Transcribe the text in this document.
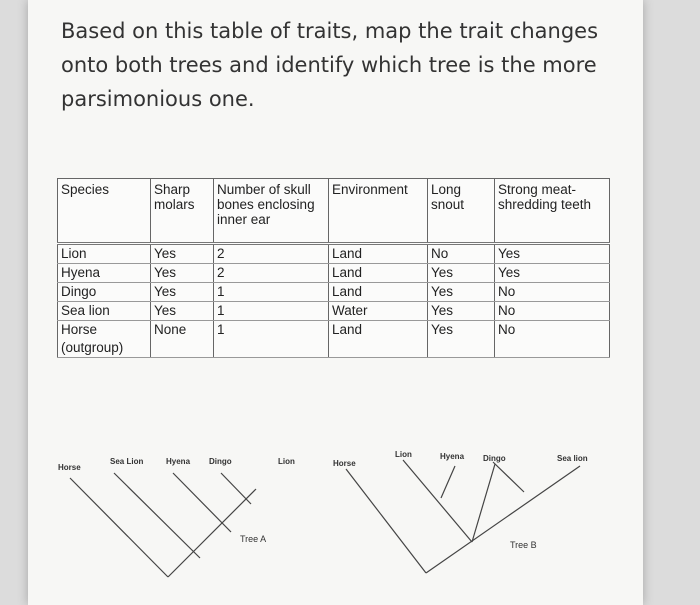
Based on this table of traits, map the trait changes onto both trees and identify which tree is the more parsimonious one.
Species	Sharp molars	Number of skull bones enclosing inner ear	Environment	Long snout	Strong meat-shredding teeth
Lion	Yes	2	Land	No	Yes
Hyena	Yes	2	Land	Yes	Yes
Dingo	Yes	1	Land	Yes	No
Sea lion	Yes	1	Water	Yes	No
Horse (outgroup)	None	1	Land	Yes	No
Horse
Sea Lion	Hyena Dingo	Lion
Tree A
Horse
Lion	Hyena Dingo	Sea lion
Tree B
